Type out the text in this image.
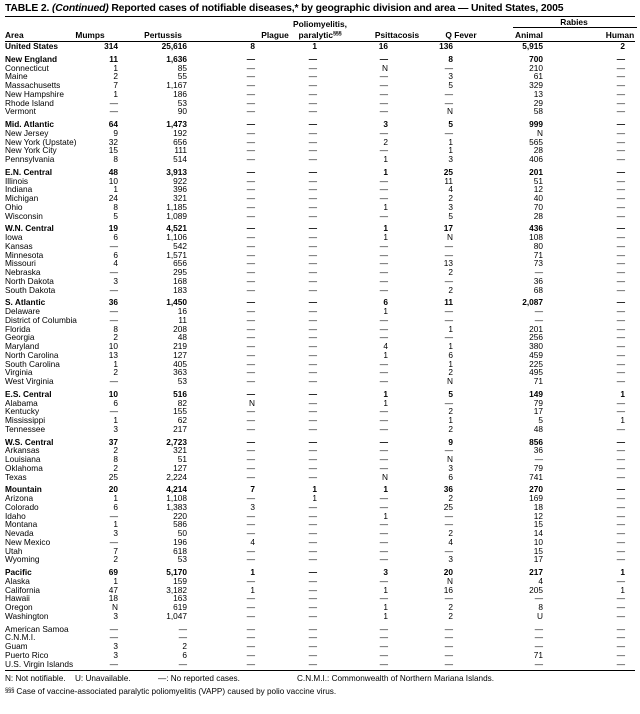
TABLE 2. (Continued) Reported cases of notifiable diseases,* by geographic division and area — United States, 2005
Area	Mumps	Pertussis	Plague
Poliomyelitis,
paralytic§§§	Psittacosis	Q Fever
Rabies
Animal	Human
United States	314	25,616	8	1	16	136	5,915	2
New England	11	1,636	—	—	—	8	700	—
Connecticut	1	85	—	—	N	—	210	—
Maine	2	55	—	—	—	3	61	—
Massachusetts	7	1,167	—	—	—	5	329	—
New Hampshire	1	186	—	—	—	—	13	—
Rhode Island	—	53	—	—	—	—	29	—
Vermont	—	90	—	—	—	N	58	—
Mid. Atlantic	64	1,473	—	—	3	5	999	—
New Jersey	9	192	—	—	—	—	N	—
New York (Upstate)	32	656	—	—	2	1	565	—
New York City	15	111	—	—	—	1	28	—
Pennsylvania	8	514	—	—	1	3	406	—
E.N. Central	48	3,913	—	—	1	25	201	—
Illinois	10	922	—	—	—	11	51	—
Indiana	1	396	—	—	—	4	12	—
Michigan	24	321	—	—	—	2	40	—
Ohio	8	1,185	—	—	1	3	70	—
Wisconsin	5	1,089	—	—	—	5	28	—
W.N. Central	19	4,521	—	—	1	17	436	—
Iowa	6	1,106	—	—	1	N	108	—
Kansas	—	542	—	—	—	—	80	—
Minnesota	6	1,571	—	—	—	—	71	—
Missouri	4	656	—	—	—	13	73	—
Nebraska	—	295	—	—	—	2	—	—
North Dakota	3	168	—	—	—	—	36	—
South Dakota	—	183	—	—	—	2	68	—
S. Atlantic	36	1,450	—	—	6	11	2,087	—
Delaware	—	16	—	—	1	—	—	—
District of Columbia	—	11	—	—	—	—	—	—
Florida	8	208	—	—	—	1	201	—
Georgia	2	48	—	—	—	—	256	—
Maryland	10	219	—	—	4	1	380	—
North Carolina	13	127	—	—	1	6	459	—
South Carolina	1	405	—	—	—	1	225	—
Virginia	2	363	—	—	—	2	495	—
West Virginia	—	53	—	—	—	N	71	—
E.S. Central	10	516	—	—	1	5	149	1
Alabama	6	82	N	—	1	—	79	—
Kentucky	—	155	—	—	—	2	17	—
Mississippi	1	62	—	—	—	1	5	1
Tennessee	3	217	—	—	—	2	48	—
W.S. Central	37	2,723	—	—	—	9	856	—
Arkansas	2	321	—	—	—	—	36	—
Louisiana	8	51	—	—	—	N	—	—
Oklahoma	2	127	—	—	—	3	79	—
Texas	25	2,224	—	—	N	6	741	—
Mountain	20	4,214	7	1	1	36	270	—
Arizona	1	1,108	—	1	—	2	169	—
Colorado	6	1,383	3	—	—	25	18	—
Idaho	—	220	—	—	1	—	12	—
Montana	1	586	—	—	—	—	15	—
Nevada	3	50	—	—	—	2	14	—
New Mexico	—	196	4	—	—	4	10	—
Utah	7	618	—	—	—	—	15	—
Wyoming	2	53	—	—	—	3	17	—
Pacific	69	5,170	1	—	3	20	217	1
Alaska	1	159	—	—	—	N	4	—
California	47	3,182	1	—	1	16	205	1
Hawaii	18	163	—	—	—	—	—	—
Oregon	N	619	—	—	1	2	8	—
Washington	3	1,047	—	—	1	2	U	—
American Samoa	—	—	—	—	—	—	—	—
C.N.M.I.	—	—	—	—	—	—	—	—
Guam	3	2	—	—	—	—	—	—
Puerto Rico	3	6	—	—	—	—	71	—
U.S. Virgin Islands	—	—	—	—	—	—	—	—
N: Not notifiable. U: Unavailable.	—: No reported cases.	C.N.M.I.: Commonwealth of Northern Mariana Islands.
§§§ Case of vaccine-associated paralytic poliomyelitis (VAPP) caused by polio vaccine virus.
